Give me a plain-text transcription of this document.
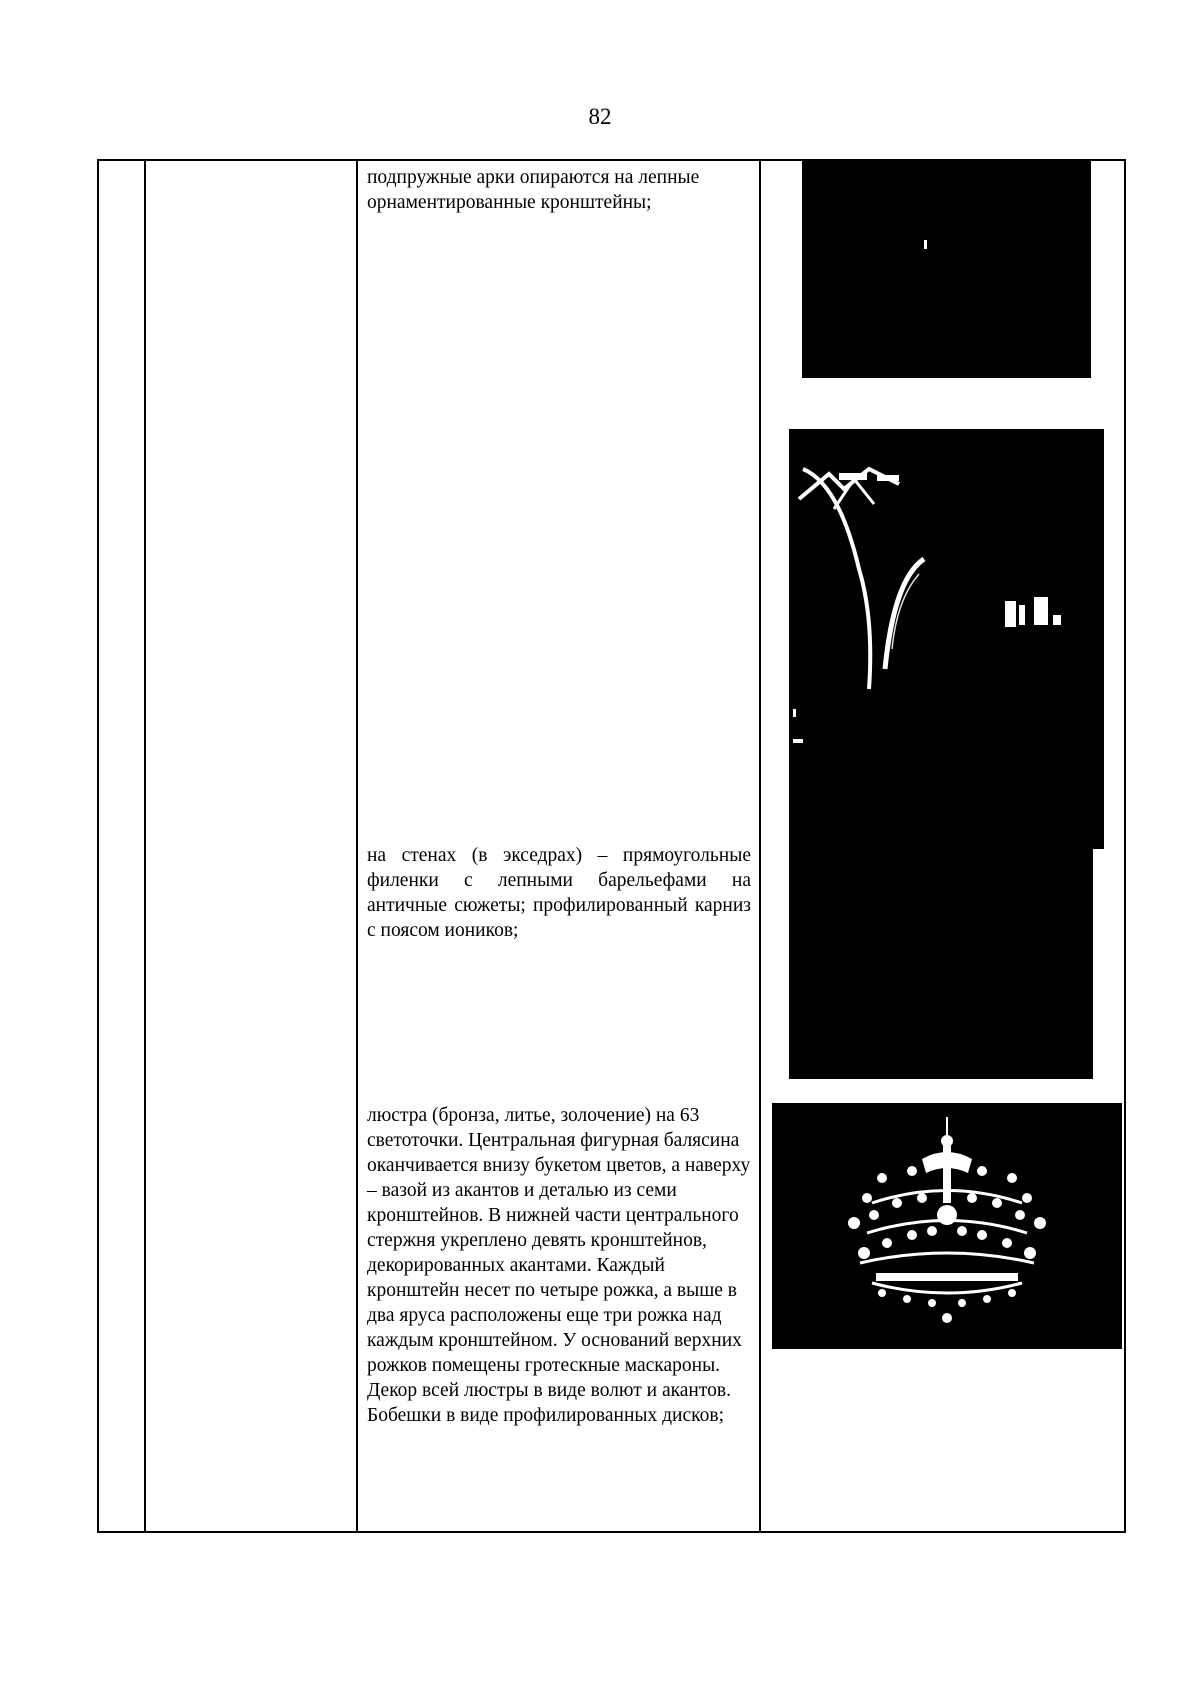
82
подпружные арки опираются на лепные орнаментированные кронштейны;
на стенах (в экседрах) – прямоугольные филенки с лепными барельефами на античные сюжеты; профилированный карниз с поясом иоников;
люстра (бронза, литье, золочение) на 63 светоточки. Центральная фигурная балясина оканчивается внизу букетом цветов, а наверху – вазой из акантов и деталью из семи кронштейнов. В нижней части центрального стержня укреплено девять кронштейнов, декорированных акантами. Каждый кронштейн несет по четыре рожка, а выше в два яруса расположены еще три рожка над каждым кронштейном. У оснований верхних рожков помещены гротескные маскароны. Декор всей люстры в виде волют и акантов. Бобешки в виде профилированных дисков;
